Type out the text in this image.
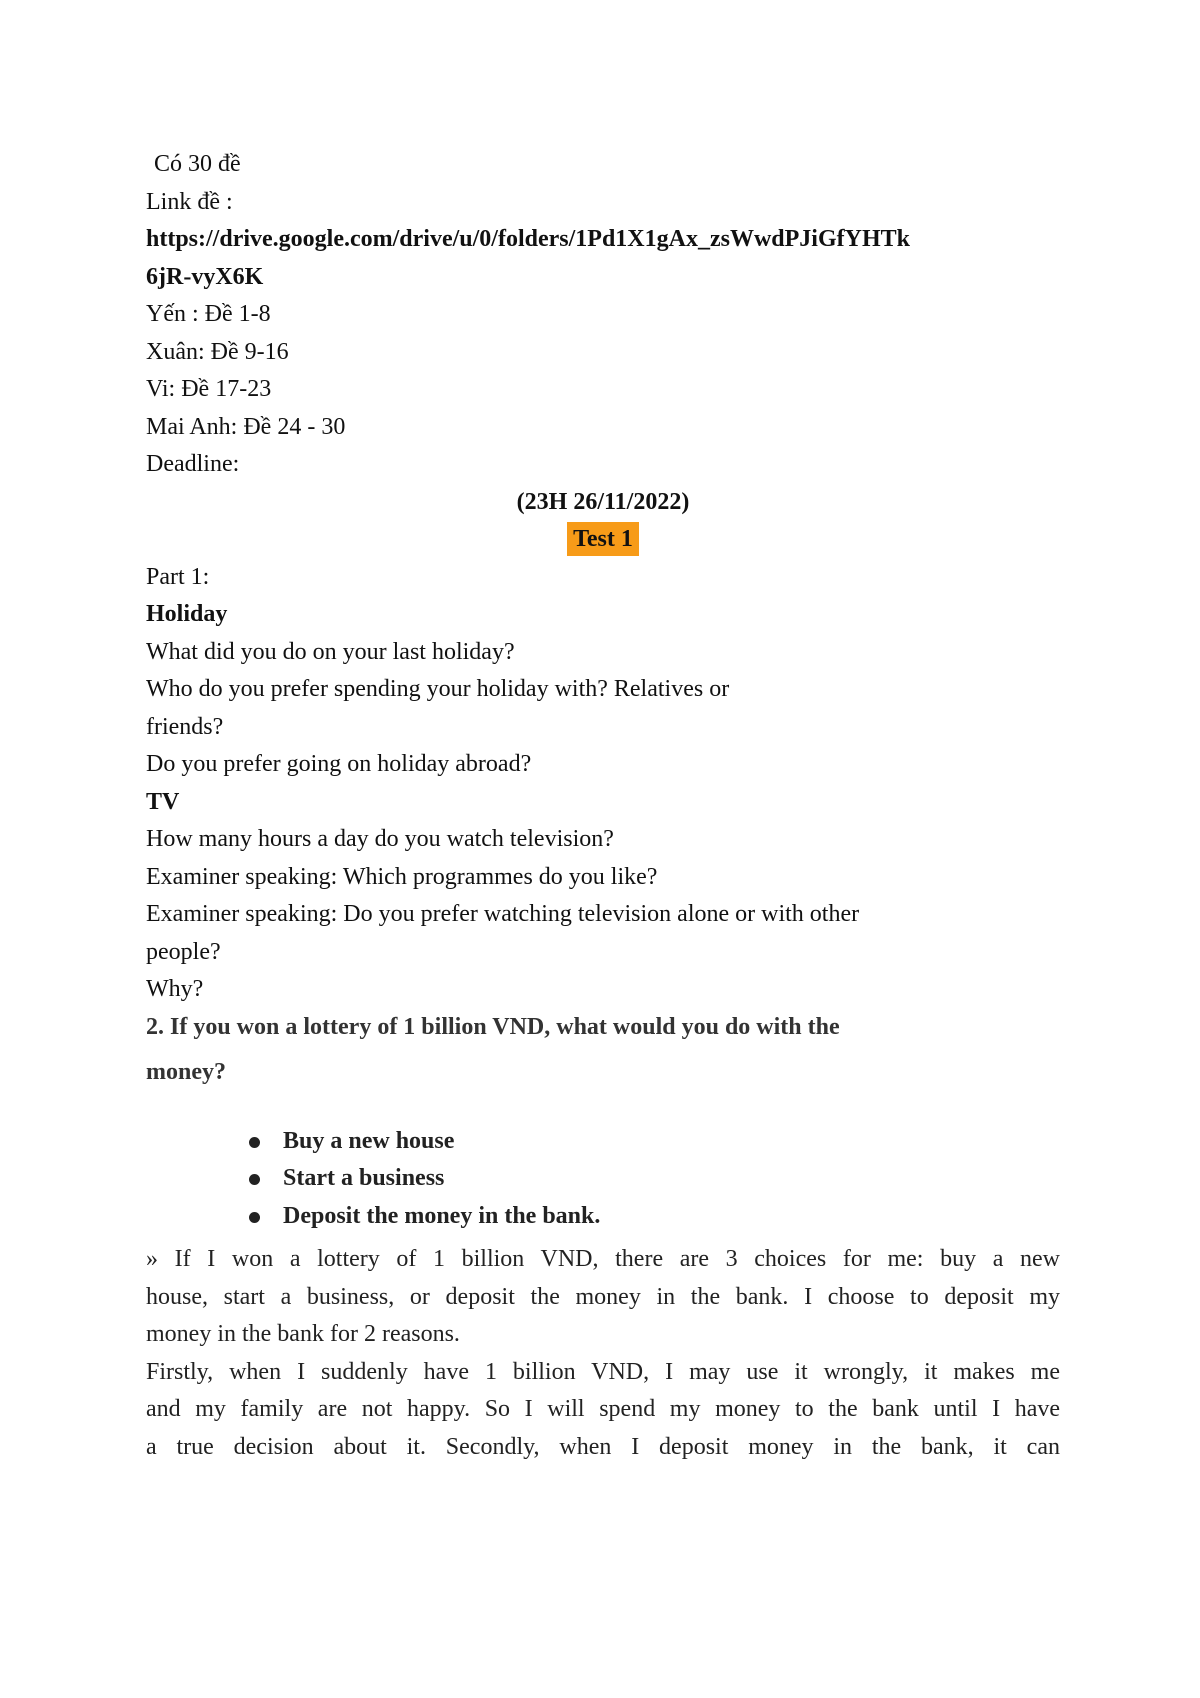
Có 30 đề
Link đề :
https://drive.google.com/drive/u/0/folders/1Pd1X1gAx_zsWwdPJiGfYHTk
6jR-vyX6K
Yến : Đề 1-8
Xuân: Đề 9-16
Vi: Đề 17-23
Mai Anh: Đề 24 - 30
Deadline:
(23H 26/11/2022)
Test 1
Part 1:
Holiday
What did you do on your last holiday?
Who do you prefer spending your holiday with? Relatives or
friends?
Do you prefer going on holiday abroad?
TV
How many hours a day do you watch television?
Examiner speaking: Which programmes do you like?
Examiner speaking: Do you prefer watching television alone or with other
people?
Why?
2. If you won a lottery of 1 billion VND, what would you do with the
money?
Buy a new house
Start a business
Deposit the money in the bank.
» If I won a lottery of 1 billion VND, there are 3 choices for me: buy a new
house, start a business, or deposit the money in the bank. I choose to deposit my
money in the bank for 2 reasons.
Firstly, when I suddenly have 1 billion VND, I may use it wrongly, it makes me
and my family are not happy. So I will spend my money to the bank until I have
a true decision about it. Secondly, when I deposit money in the bank, it can
